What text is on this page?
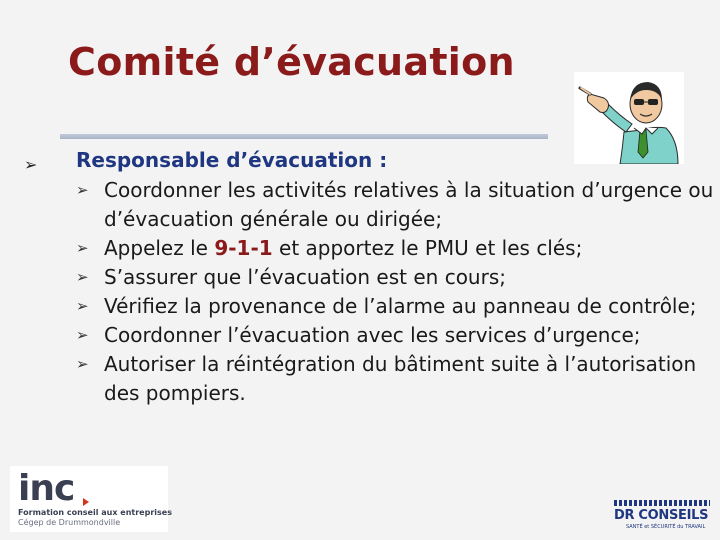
Comité d’évacuation
➢ Responsable d’évacuation :
➢ Coordonner les activités relatives à la situation d’urgence ou d’évacuation générale ou dirigée;
➢ Appelez le 9-1-1 et apportez le PMU et les clés;
➢ S’assurer que l’évacuation est en cours;
➢ Vérifiez la provenance de l’alarme au panneau de contrôle;
➢ Coordonner l’évacuation avec les services d’urgence;
➢ Autoriser la réintégration du bâtiment suite à l’autorisation des pompiers.
inc
Formation conseil aux entreprises
Cégep de Drummondville	DR CONSEILS
SANTÉ et SÉCURITÉ du TRAVAIL
